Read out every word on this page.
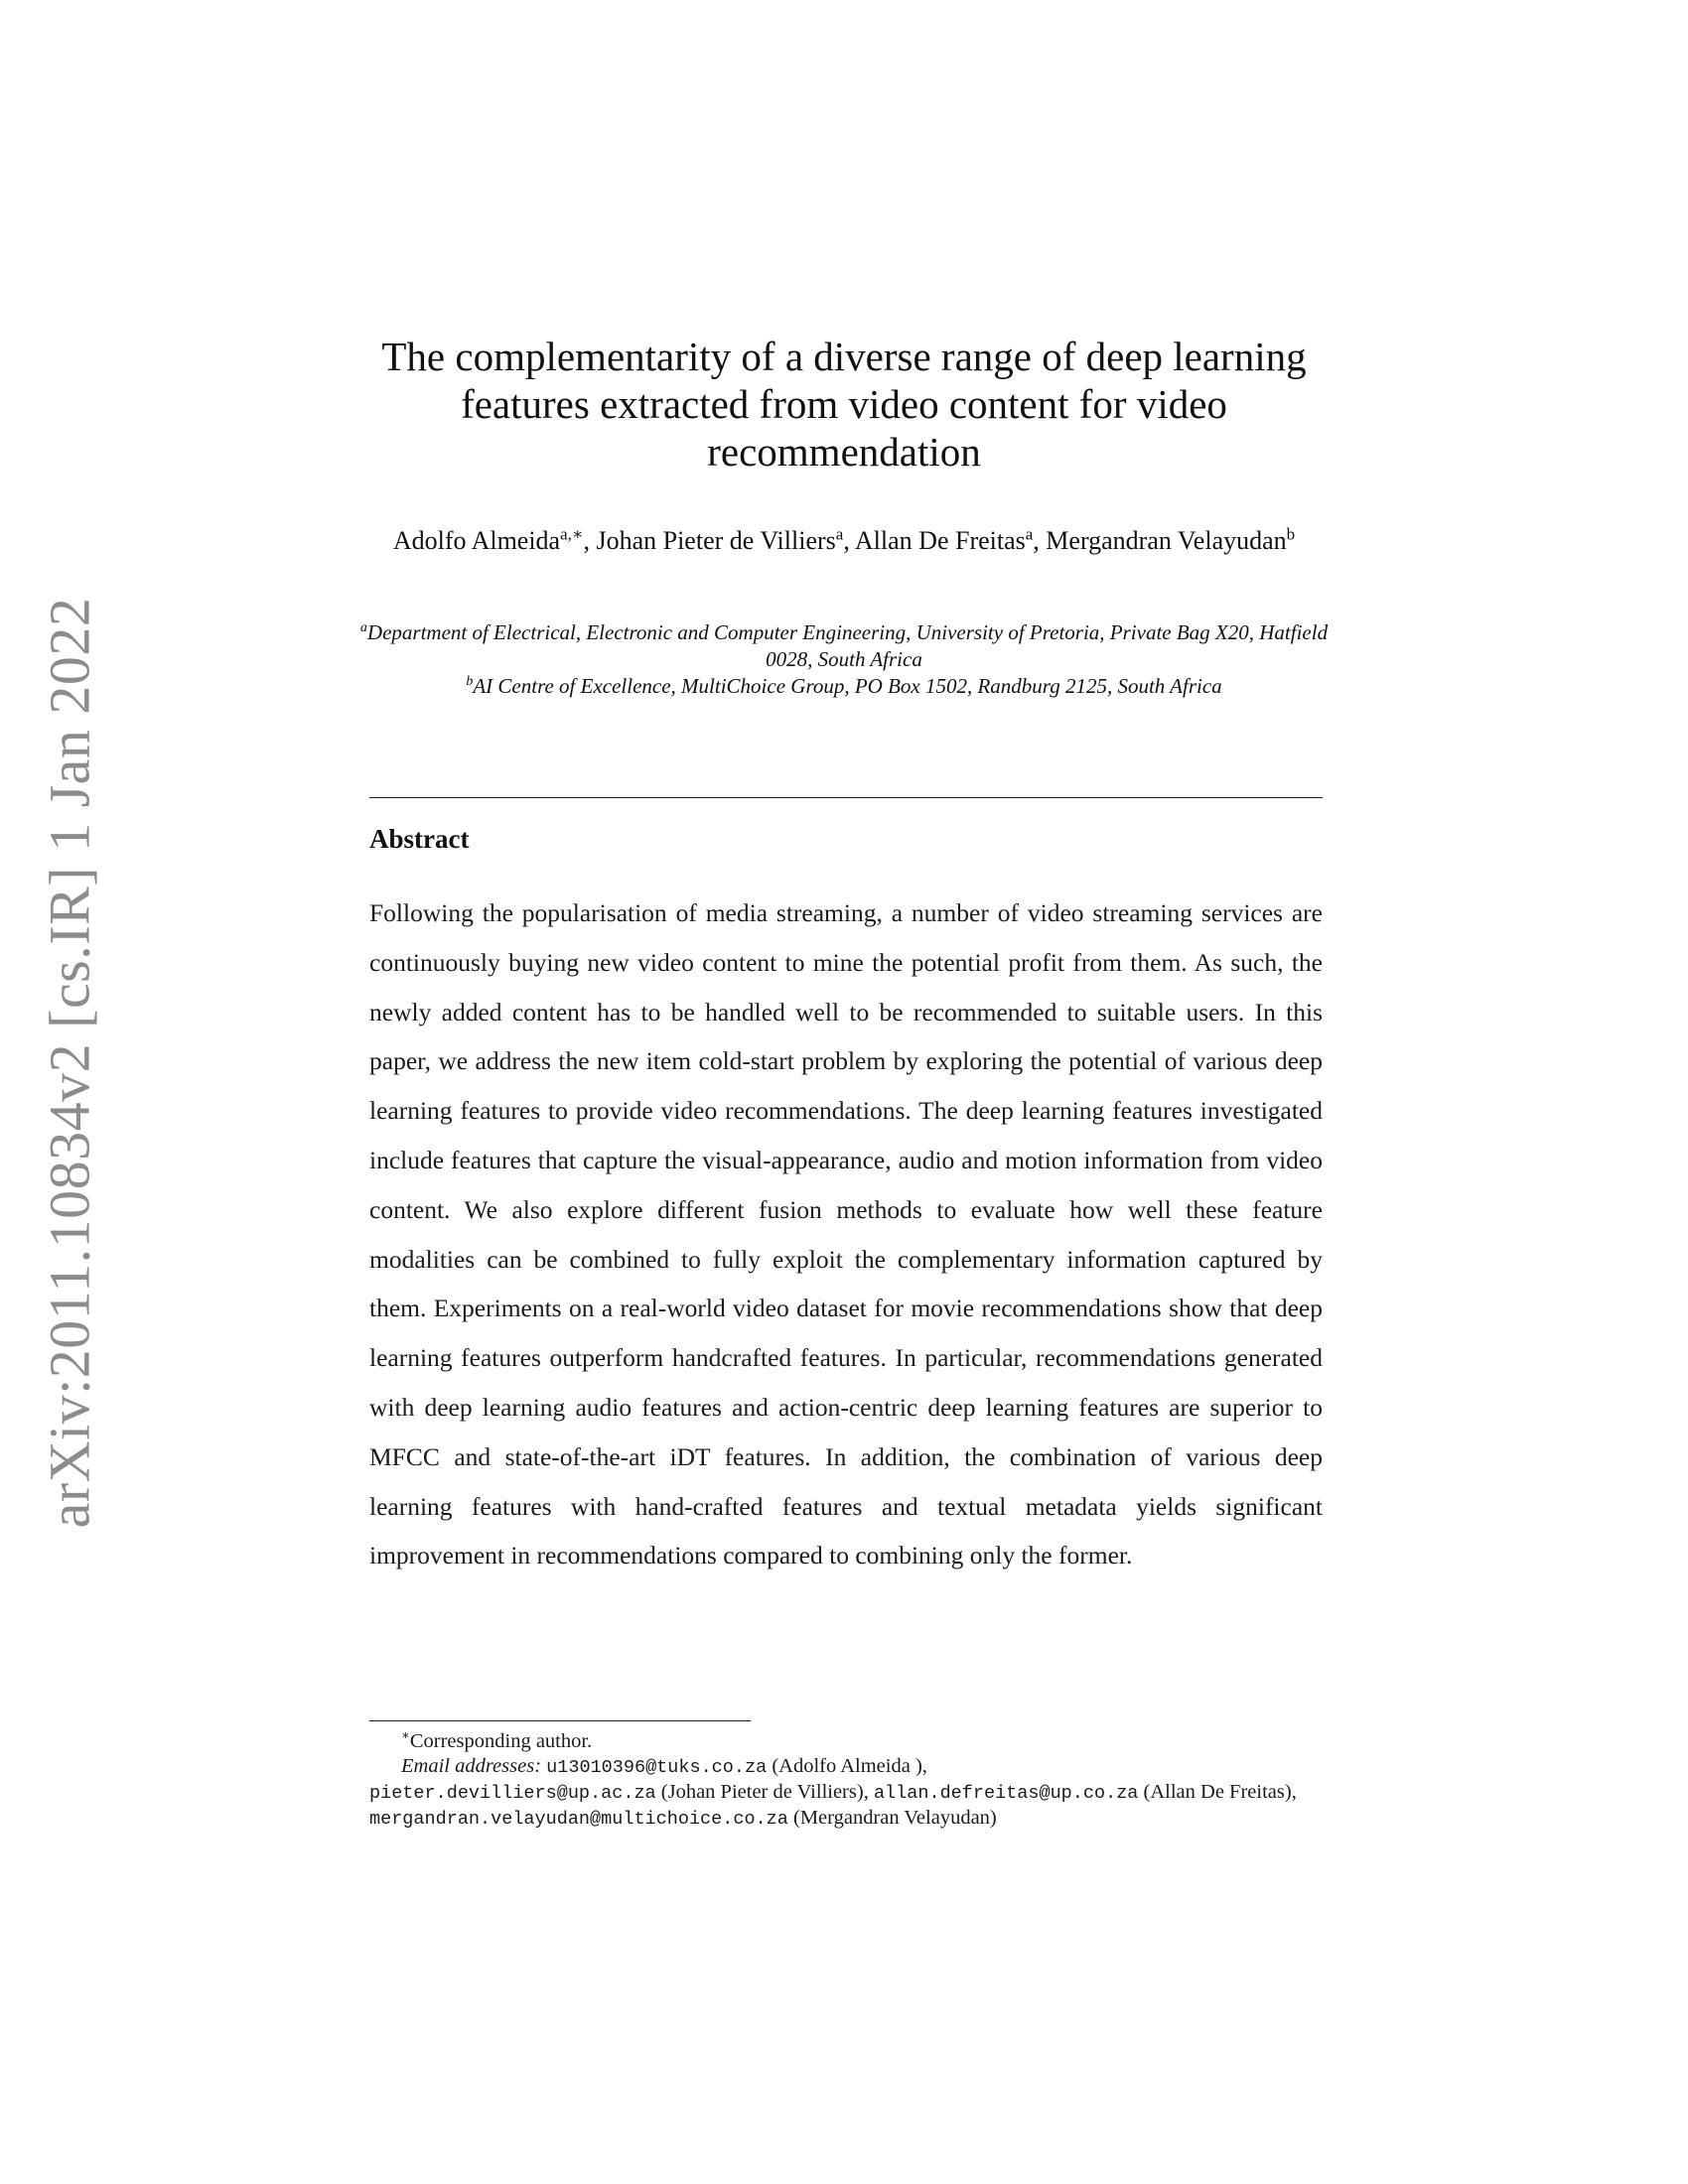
arXiv:2011.10834v2 [cs.IR] 1 Jan 2022
The complementarity of a diverse range of deep learning features extracted from video content for video recommendation
Adolfo Almeida$^{a,∗}$, Johan Pieter de Villiers$^a$, Allan De Freitas$^a$, Mergandran Velayudan$^b$
$^a$Department of Electrical, Electronic and Computer Engineering, University of Pretoria, Private Bag X20, Hatfield 0028, South Africa
$^b$AI Centre of Excellence, MultiChoice Group, PO Box 1502, Randburg 2125, South Africa
Abstract

Following the popularisation of media streaming, a number of video streaming services are continuously buying new video content to mine the potential profit from them. As such, the newly added content has to be handled well to be recommended to suitable users. In this paper, we address the new item cold-start problem by exploring the potential of various deep learning features to provide video recommendations. The deep learning features investigated include features that capture the visual-appearance, audio and motion information from video content. We also explore different fusion methods to evaluate how well these feature modalities can be combined to fully exploit the complementary information captured by them. Experiments on a real-world video dataset for movie recommendations show that deep learning features outperform handcrafted features. In particular, recommendations generated with deep learning audio features and action-centric deep learning features are superior to MFCC and state-of-the-art iDT features. In addition, the combination of various deep learning features with hand-crafted features and textual metadata yields significant improvement in recommendations compared to combining only the former.

∗Corresponding author.
Email addresses: u13010396@tuks.co.za (Adolfo Almeida ),
pieter.devilliers@up.ac.za (Johan Pieter de Villiers), allan.defreitas@up.co.za (Allan De Freitas), mergandran.velayudan@multichoice.co.za (Mergandran Velayudan)
